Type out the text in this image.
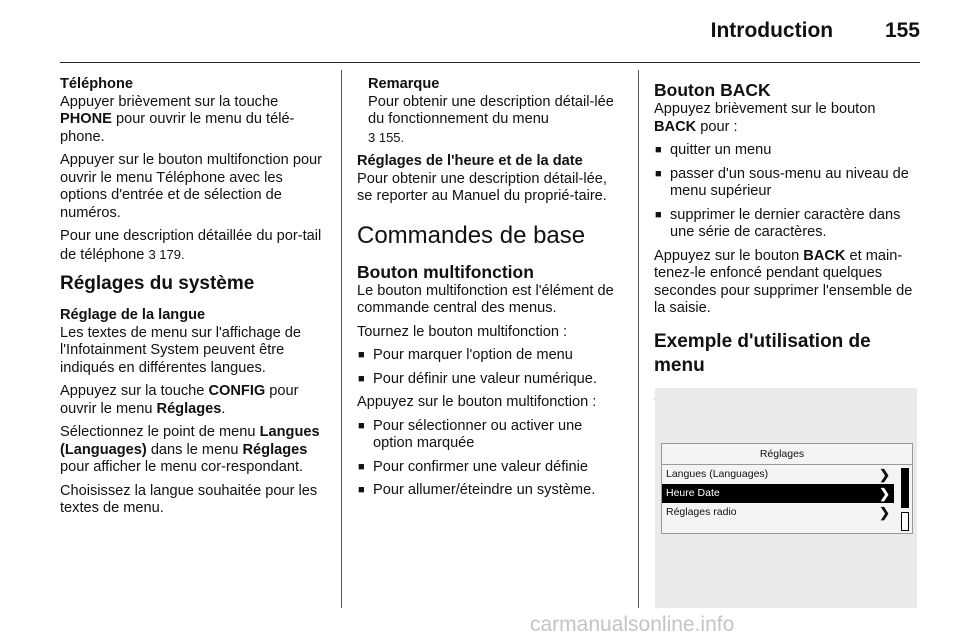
Introduction 155
Téléphone

Appuyer brièvement sur la touche PHONE pour ouvrir le menu du télé-phone.

Appuyer sur le bouton multifonction pour ouvrir le menu Téléphone avec les options d'entrée et de sélection de numéros.

Pour une description détaillée du por-tail de téléphone 3 179.

Réglages du système
Réglage de la langue

Les textes de menu sur l'affichage de l'Infotainment System peuvent être indiqués en différentes langues.

Appuyez sur la touche CONFIG pour ouvrir le menu Réglages.

Sélectionnez le point de menu Langues (Languages) dans le menu Réglages pour afficher le menu cor-respondant.

Choisissez la langue souhaitée pour les textes de menu.

Remarque

Pour obtenir une description détail-lée du fonctionnement du menu
3 155.

Réglages de l'heure et de la date

Pour obtenir une description détail-lée, se reporter au Manuel du proprié-taire.

Commandes de base
Bouton multifonction

Le bouton multifonction est l'élément de commande central des menus.

Tournez le bouton multifonction :

■ Pour marquer l'option de menu
■ Pour définir une valeur numérique.

Appuyez sur le bouton multifonction :

■ Pour sélectionner ou activer une option marquée
■ Pour confirmer une valeur définie
■ Pour allumer/éteindre un système.
Bouton BACK

Appuyez brièvement sur le bouton BACK pour :

■ quitter un menu
■ passer d'un sous-menu au niveau de menu supérieur
■ supprimer le dernier caractère dans une série de caractères.

Appuyez sur le bouton BACK et main-tenez-le enfoncé pendant quelques secondes pour supprimer l'ensemble de la saisie.

Exemple d'utilisation de menu
Réglages
Langues (Languages)	❯
Heure Date	❯
Réglages radio	❯
carmanualsonline.info
